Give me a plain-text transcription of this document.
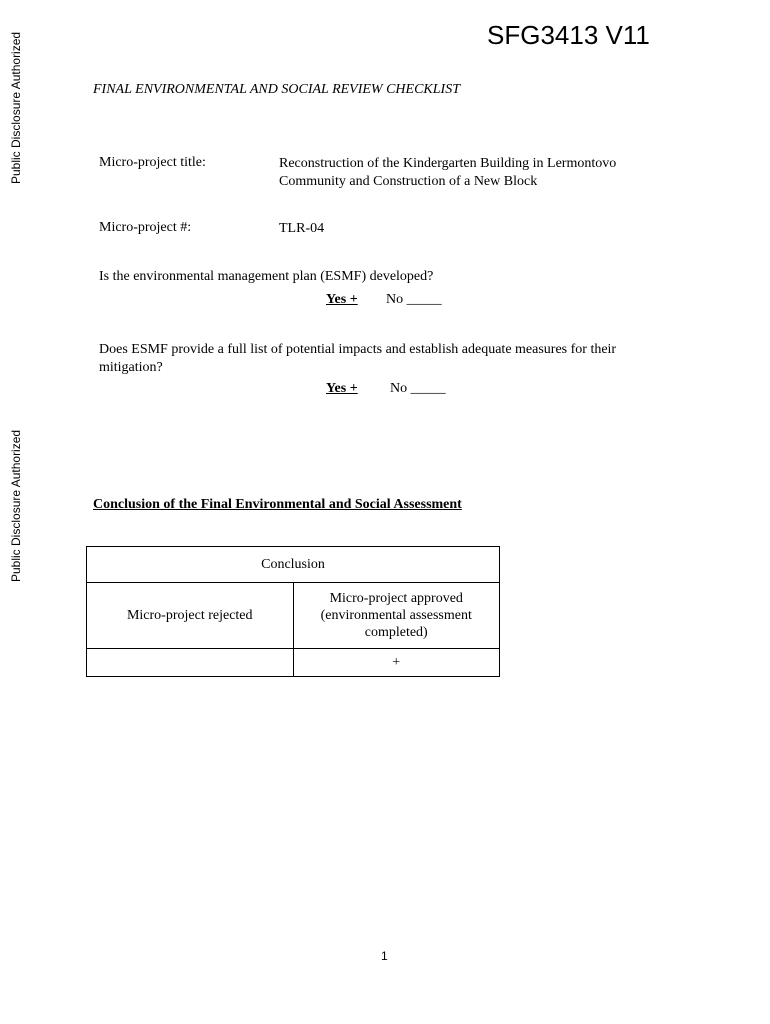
Public Disclosure Authorized
Public Disclosure Authorized
SFG3413 V11
FINAL ENVIRONMENTAL AND SOCIAL REVIEW CHECKLIST
Micro-project title:	Reconstruction of the Kindergarten Building in Lermontovo
Community and Construction of a New Block
Micro-project #:	TLR-04
Is the environmental management plan (ESMF) developed?
Yes + No _____
Does ESMF provide a full list of potential impacts and establish adequate measures for their
mitigation?
Yes + No _____
Conclusion of the Final Environmental and Social Assessment
Conclusion	
Micro-project rejected	Micro-project approved
(environmental assessment
completed)

	+
1
